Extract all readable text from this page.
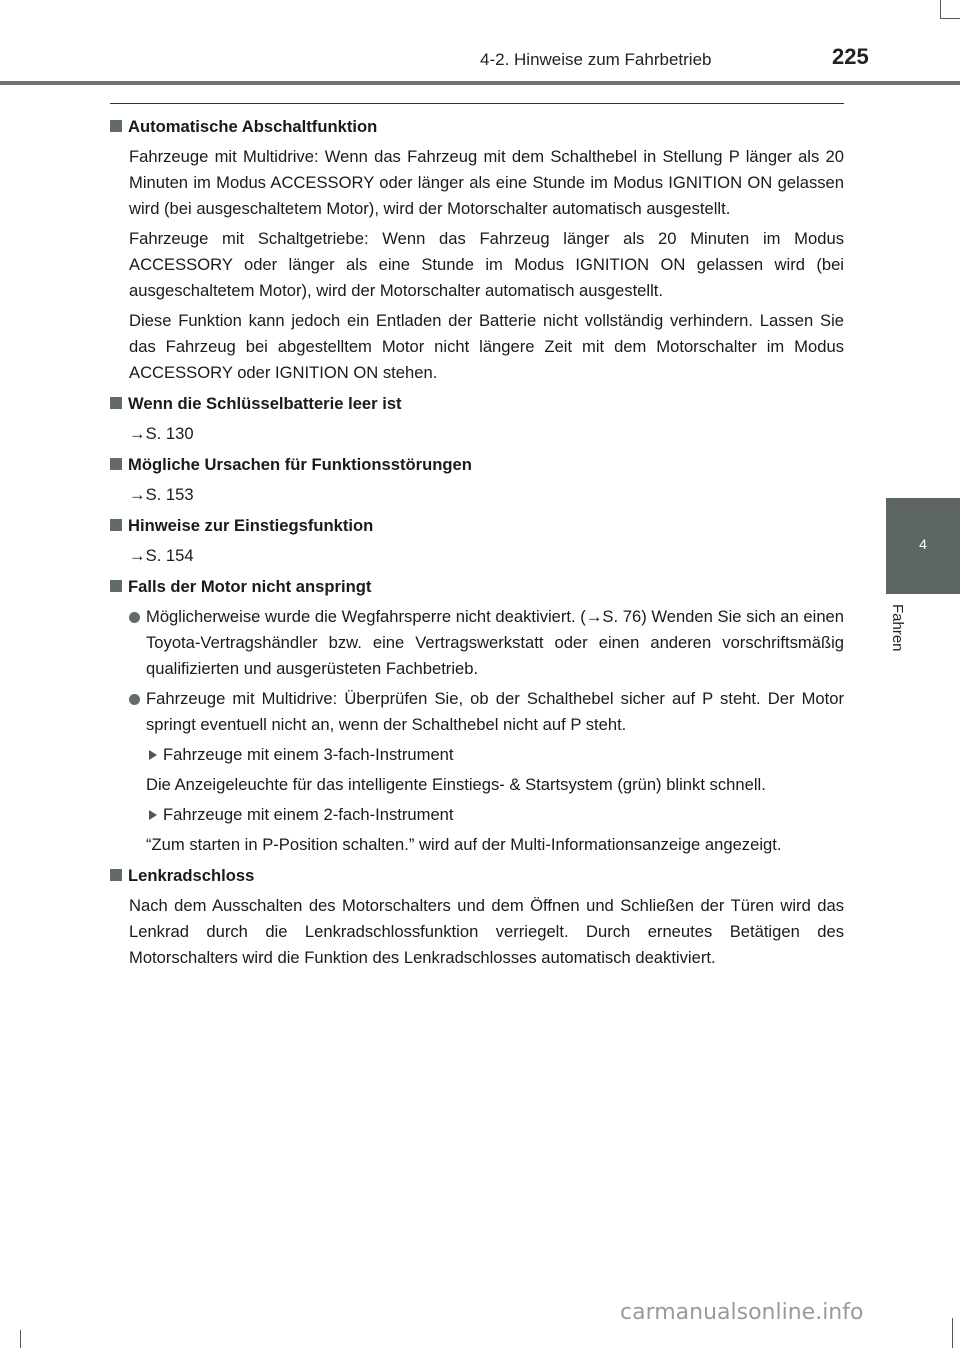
4-2. Hinweise zum Fahrbetrieb	225
4
Fahren
Automatische Abschaltfunktion

Fahrzeuge mit Multidrive: Wenn das Fahrzeug mit dem Schalthebel in Stellung P länger als 20 Minuten im Modus ACCESSORY oder länger als eine Stunde im Modus IGNITION ON gelassen wird (bei ausgeschaltetem Motor), wird der Motorschalter automatisch ausgestellt.

Fahrzeuge mit Schaltgetriebe: Wenn das Fahrzeug länger als 20 Minuten im Modus ACCESSORY oder länger als eine Stunde im Modus IGNITION ON gelassen wird (bei ausgeschaltetem Motor), wird der Motorschalter automatisch ausgestellt.

Diese Funktion kann jedoch ein Entladen der Batterie nicht vollständig verhindern. Lassen Sie das Fahrzeug bei abgestelltem Motor nicht längere Zeit mit dem Motorschalter im Modus ACCESSORY oder IGNITION ON stehen.

Wenn die Schlüsselbatterie leer ist

→S. 130

Mögliche Ursachen für Funktionsstörungen

→S. 153

Hinweise zur Einstiegsfunktion

→S. 154

Falls der Motor nicht anspringt

Möglicherweise wurde die Wegfahrsperre nicht deaktiviert. (→S. 76) Wenden Sie sich an einen Toyota-Vertragshändler bzw. eine Vertragswerkstatt oder einen anderen vorschriftsmäßig qualifizierten und ausgerüsteten Fachbetrieb.

Fahrzeuge mit Multidrive: Überprüfen Sie, ob der Schalthebel sicher auf P steht. Der Motor springt eventuell nicht an, wenn der Schalthebel nicht auf P steht.

Fahrzeuge mit einem 3-fach-Instrument

Die Anzeigeleuchte für das intelligente Einstiegs- & Startsystem (grün) blinkt schnell.

Fahrzeuge mit einem 2-fach-Instrument

“Zum starten in P-Position schalten.” wird auf der Multi-Informationsanzeige angezeigt.

Lenkradschloss

Nach dem Ausschalten des Motorschalters und dem Öffnen und Schließen der Türen wird das Lenkrad durch die Lenkradschlossfunktion verriegelt. Durch erneutes Betätigen des Motorschalters wird die Funktion des Lenkradschlosses automatisch deaktiviert.

carmanualsonline.info
